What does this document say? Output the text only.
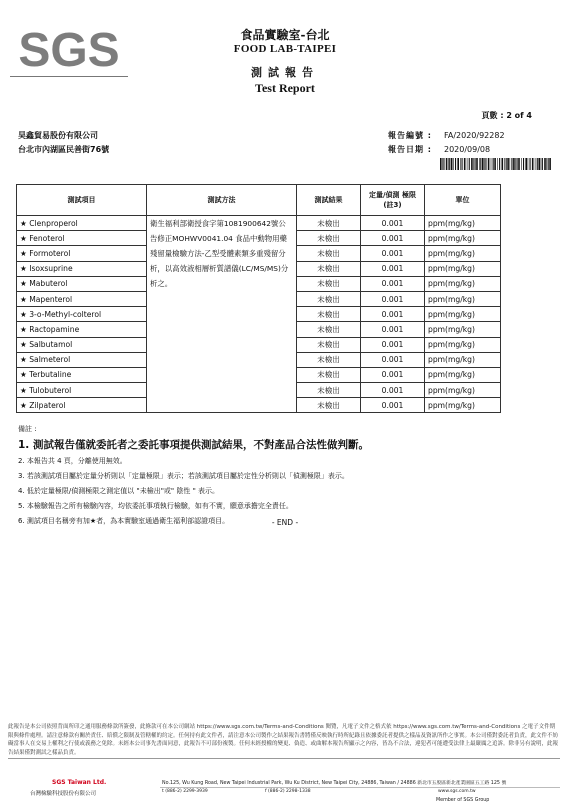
SGS	食品實驗室-台北
FOOD LAB-TAIPEI
測試報告
Test Report
頁數 : 2 of 4
昊鑫貿易股份有限公司
台北市內湖區民善街76號
報告編號 : FA/2020/92282
報告日期 : 2020/09/08
測試項目	測試方法	測試結果	定量/偵測 極限(註3)	單位
★ Clenproperol	衛生福利部衛授食字第1081900642號公告修正MOHWV0041.04 食品中動物用藥殘留量檢驗方法-乙型受體素類多重殘留分析，以高效液相層析質譜儀(LC/MS/MS)分析之。	未檢出	0.001	ppm(mg/kg)
★ Fenoterol		未檢出	0.001	ppm(mg/kg)
★ Formoterol		未檢出	0.001	ppm(mg/kg)
★ Isoxsuprine		未檢出	0.001	ppm(mg/kg)
★ Mabuterol		未檢出	0.001	ppm(mg/kg)
★ Mapenterol		未檢出	0.001	ppm(mg/kg)
★ 3-o-Methyl-colterol		未檢出	0.001	ppm(mg/kg)
★ Ractopamine		未檢出	0.001	ppm(mg/kg)
★ Salbutamol		未檢出	0.001	ppm(mg/kg)
★ Salmeterol		未檢出	0.001	ppm(mg/kg)
★ Terbutaline		未檢出	0.001	ppm(mg/kg)
★ Tulobuterol		未檢出	0.001	ppm(mg/kg)
★ Zilpaterol		未檢出	0.001	ppm(mg/kg)
備註 :
1. 測試報告僅就委託者之委託事項提供測試結果，不對產品合法性做判斷。
2. 本報告共 4 頁，分離使用無效。
3. 若該測試項目屬於定量分析則以「定量極限」表示；若該測試項目屬於定性分析則以「偵測極限」表示。
4. 低於定量極限/偵測極限之測定值以 "未檢出"或" 陰性 " 表示。
5. 本檢驗報告之所有檢驗內容，均依委託事項執行檢驗，如有不實，願意承擔完全責任。
6. 測試項目名稱旁有加★者，為本實驗室通過衛生福利部認證項目。	- END -
此報告是本公司依照背面所印之通用服務條款所簽發，此條款可在本公司網站 https://www.sgs.com.tw/Terms-and-Conditions 閱覽，凡電子文件之格式依 https://www.sgs.com.tw/Terms-and-Conditions 之電子文件期限與條件處理。請注意條款有關於責任、賠償之限制及管轄權的約定。任何持有此文件者，請注意本公司製作之結果報告書將僅反映執行時所紀錄且依據委託者提供之樣品及資訊所作之事實。本公司僅對委託者負責，此文件不妨礙當事人在交易上權利之行使或義務之免除。未經本公司事先書面同意，此報告不可部份複製。任何未經授權的變更、偽造、或曲解本報告所顯示之內容，皆為不合法，違犯者可能遭受法律上最嚴厲之追訴。除非另有說明，此報告結果僅對測試之樣品負責。
SGS Taiwan Ltd.
台灣檢驗科技股份有限公司
No.125, Wu Kung Road, New Taipei Industrial Park, Wu Ku District, New Taipei City, 24886, Taiwan / 24886 新北市五股區新北產業園區五工路 125 號
t (886-2) 2299-3939	f (886-2) 2298-1338	www.sgs.com.tw
Member of SGS Group
